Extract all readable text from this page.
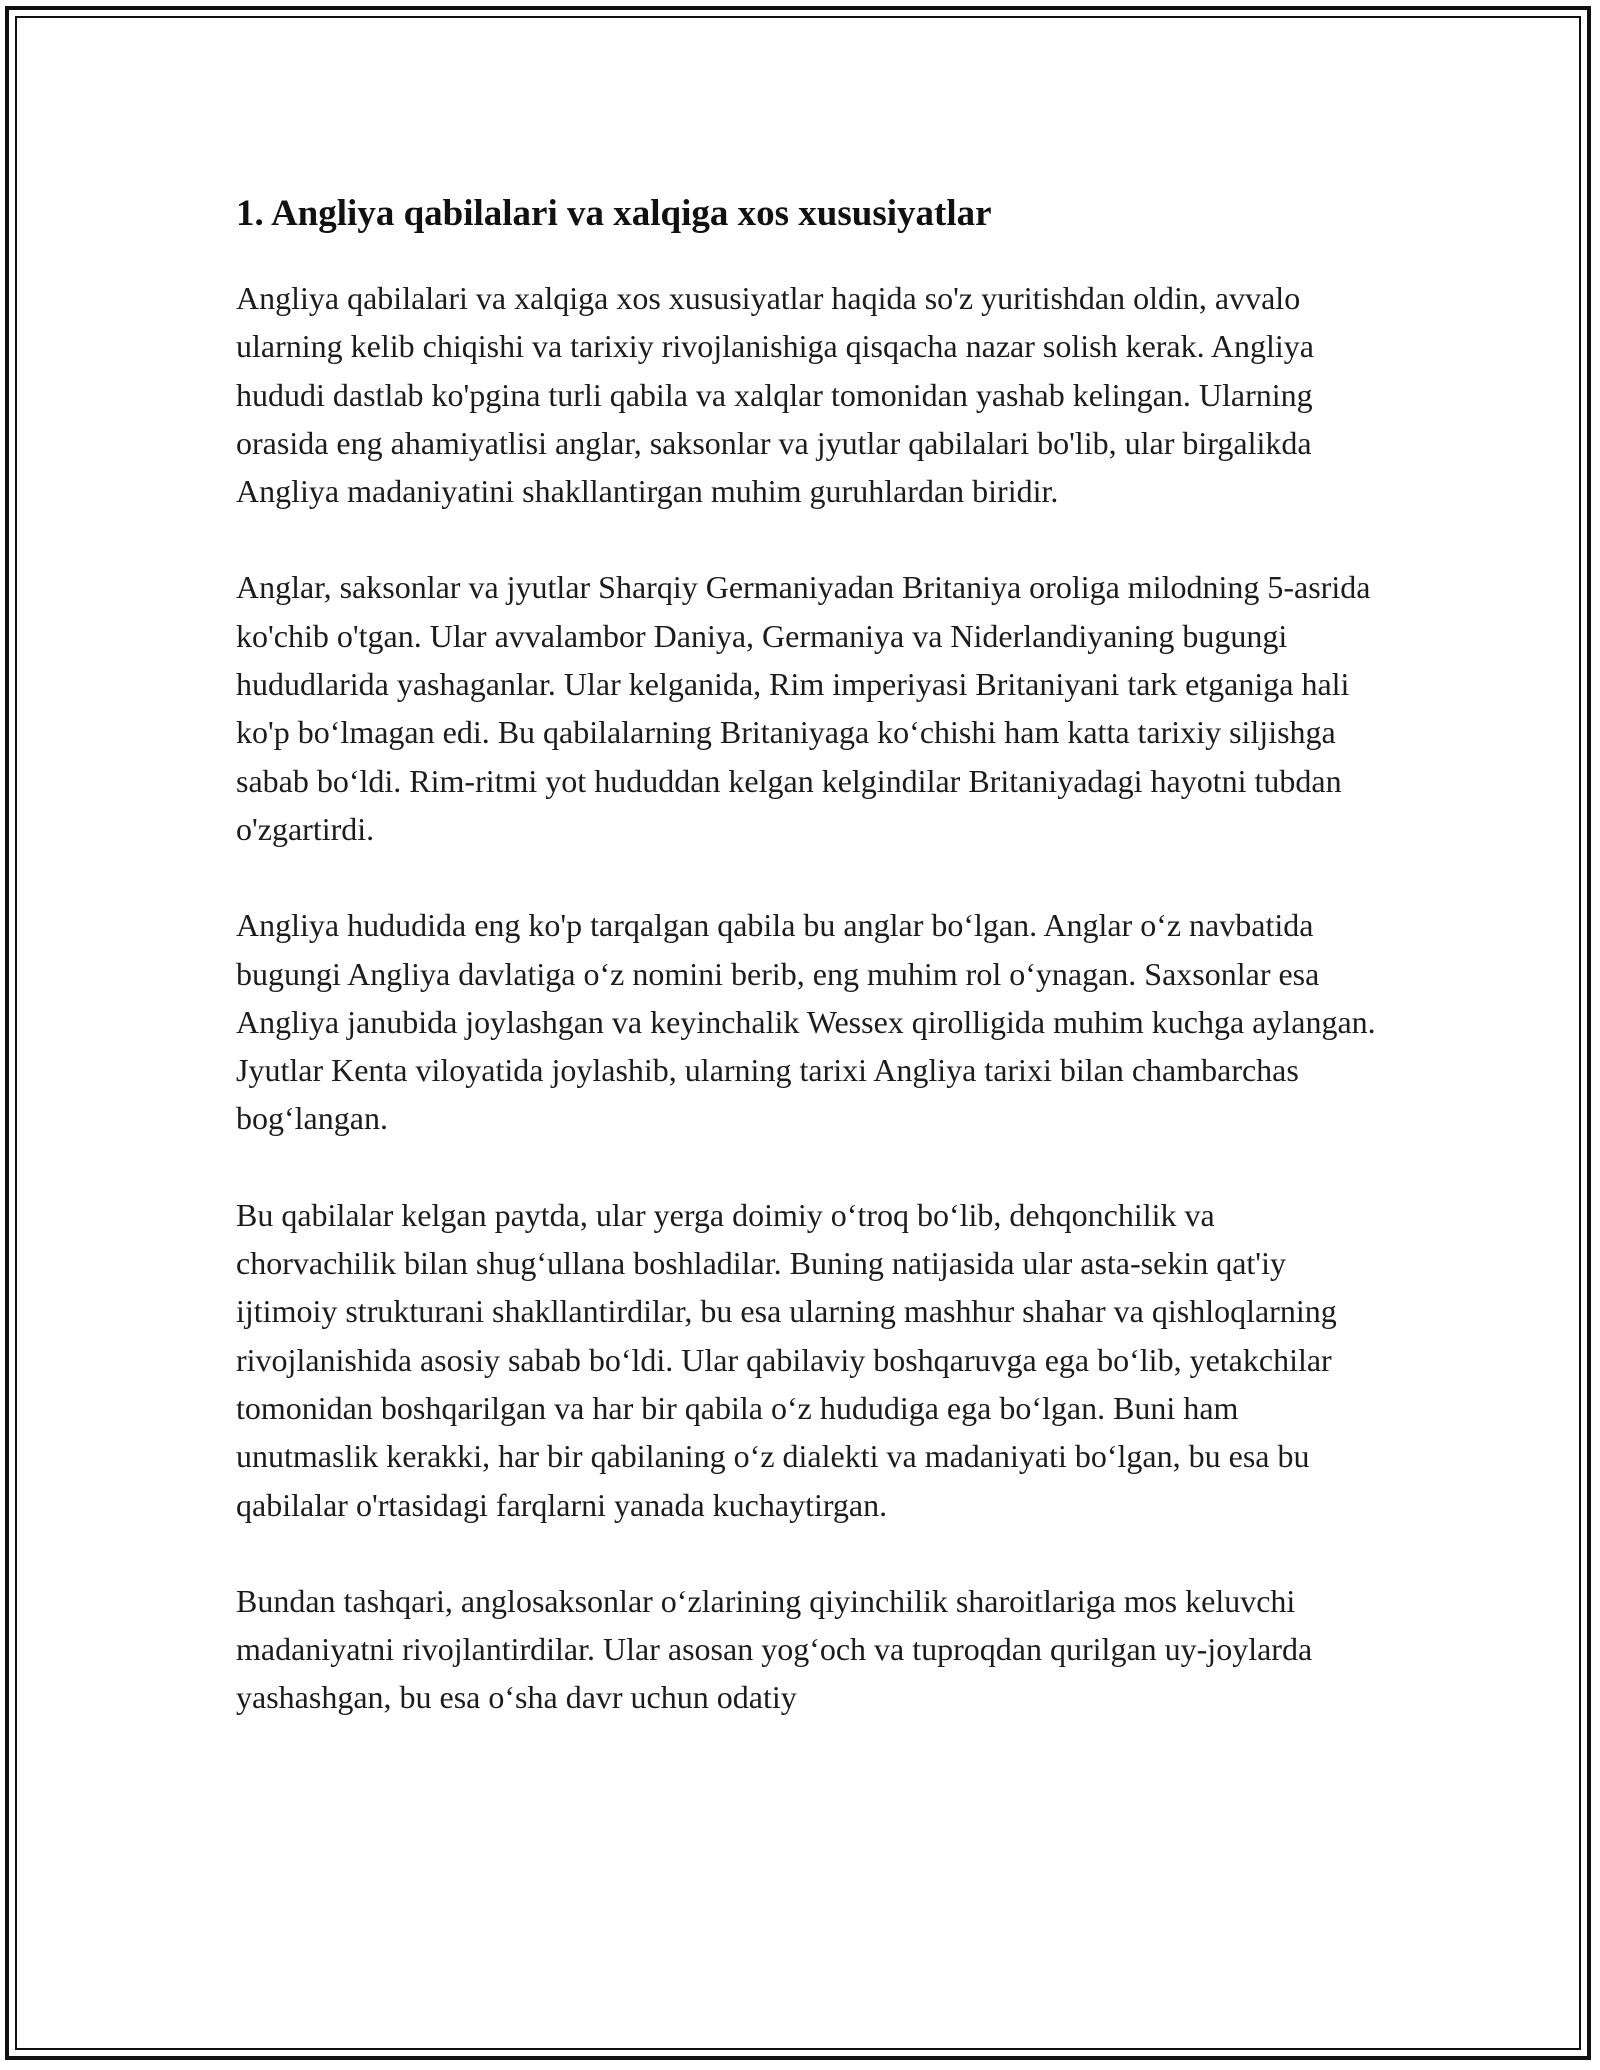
1. Angliya qabilalari va xalqiga xos xususiyatlar

Angliya qabilalari va xalqiga xos xususiyatlar haqida so'z yuritishdan oldin, avvalo ularning kelib chiqishi va tarixiy rivojlanishiga qisqacha nazar solish kerak. Angliya hududi dastlab ko'pgina turli qabila va xalqlar tomonidan yashab kelingan. Ularning orasida eng ahamiyatlisi anglar, saksonlar va jyutlar qabilalari bo'lib, ular birgalikda Angliya madaniyatini shakllantirgan muhim guruhlardan biridir.

Anglar, saksonlar va jyutlar Sharqiy Germaniyadan Britaniya oroliga milodning 5-asrida ko'chib o'tgan. Ular avvalambor Daniya, Germaniya va Niderlandiyaning bugungi hududlarida yashaganlar. Ular kelganida, Rim imperiyasi Britaniyani tark etganiga hali ko'p bo‘lmagan edi. Bu qabilalarning Britaniyaga ko‘chishi ham katta tarixiy siljishga sabab bo‘ldi. Rim-ritmi yot hududdan kelgan kelgindilar Britaniyadagi hayotni tubdan o'zgartirdi.

Angliya hududida eng ko'p tarqalgan qabila bu anglar bo‘lgan. Anglar o‘z navbatida bugungi Angliya davlatiga o‘z nomini berib, eng muhim rol o‘ynagan. Saxsonlar esa Angliya janubida joylashgan va keyinchalik Wessex qirolligida muhim kuchga aylangan. Jyutlar Kenta viloyatida joylashib, ularning tarixi Angliya tarixi bilan chambarchas bog‘langan.

Bu qabilalar kelgan paytda, ular yerga doimiy o‘troq bo‘lib, dehqonchilik va chorvachilik bilan shug‘ullana boshladilar. Buning natijasida ular asta-sekin qat'iy ijtimoiy strukturani shakllantirdilar, bu esa ularning mashhur shahar va qishloqlarning rivojlanishida asosiy sabab bo‘ldi. Ular qabilaviy boshqaruvga ega bo‘lib, yetakchilar tomonidan boshqarilgan va har bir qabila o‘z hududiga ega bo‘lgan. Buni ham unutmaslik kerakki, har bir qabilaning o‘z dialekti va madaniyati bo‘lgan, bu esa bu qabilalar o'rtasidagi farqlarni yanada kuchaytirgan.

Bundan tashqari, anglosaksonlar o‘zlarining qiyinchilik sharoitlariga mos keluvchi madaniyatni rivojlantirdilar. Ular asosan yog‘och va tuproqdan qurilgan uy-joylarda yashashgan, bu esa o‘sha davr uchun odatiy
